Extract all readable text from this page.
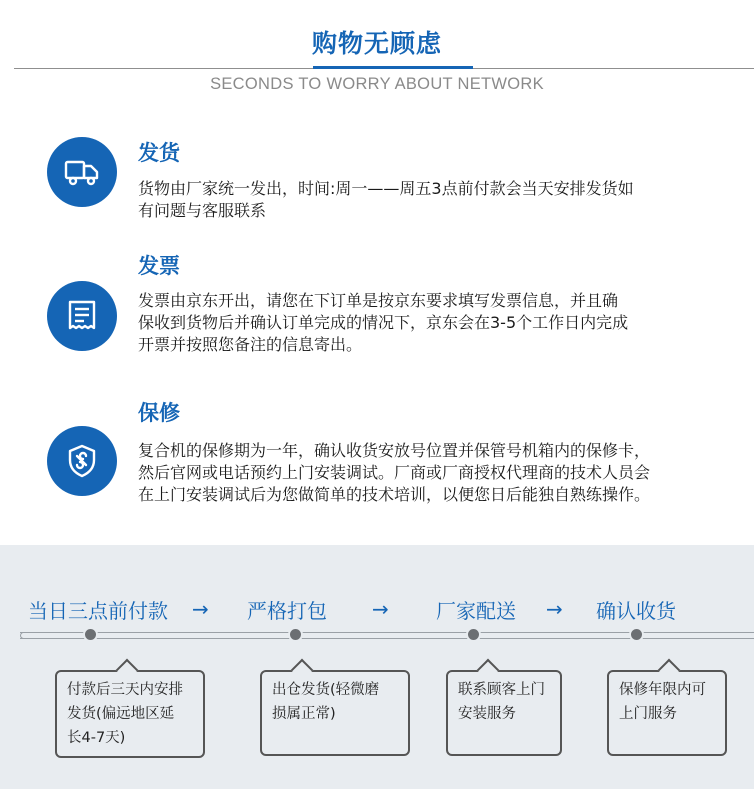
购物无顾虑
SECONDS TO WORRY ABOUT NETWORK
发货
货物由厂家统一发出，时间:周一——周五3点前付款会当天安排发货如
有问题与客服联系
发票
发票由京东开出，请您在下订单是按京东要求填写发票信息，并且确
保收到货物后并确认订单完成的情况下，京东会在3-5个工作日内完成
开票并按照您备注的信息寄出。
保修
复合机的保修期为一年，确认收货安放号位置并保管号机箱内的保修卡，
然后官网或电话预约上门安装调试。厂商或厂商授权代理商的技术人员会
在上门安装调试后为您做简单的技术培训，以便您日后能独自熟练操作。
当日三点前付款 → 严格打包 → 厂家配送 → 确认收货
付款后三天内安排
发货(偏远地区延
长4-7天)
出仓发货(轻微磨
损属正常)
联系顾客上门
安装服务
保修年限内可
上门服务
